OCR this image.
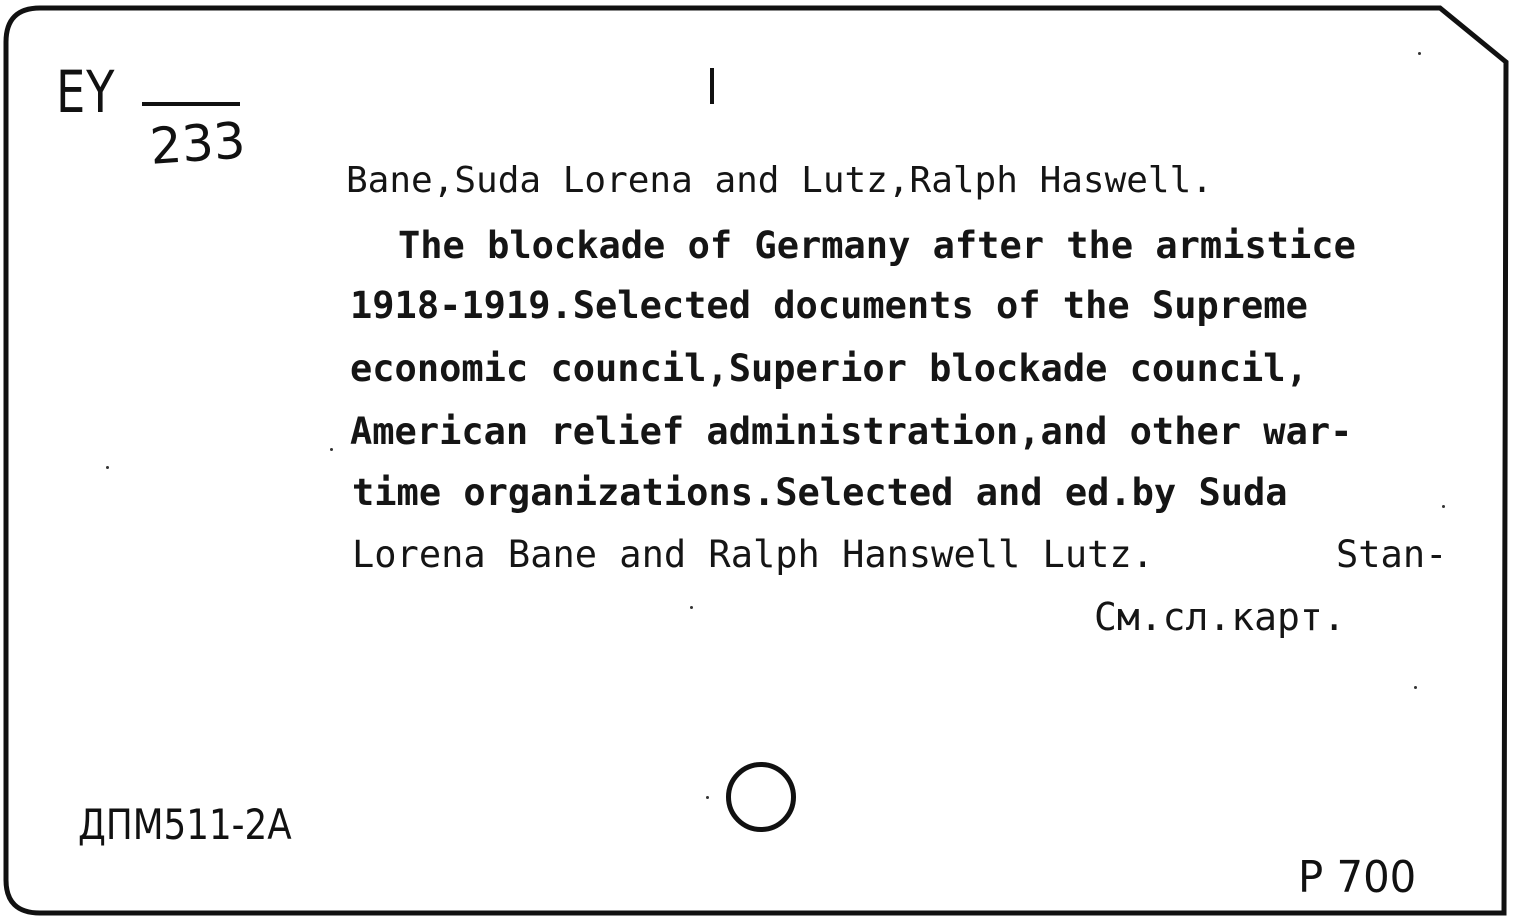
EY
233
Bane,Suda Lorena and Lutz,Ralph Haswell.
The blockade of Germany after the armistice
1918-1919.Selected documents of the Supreme
economic council,Superior blockade council,
American relief administration,and other war-
time organizations.Selected and ed.by Suda
Lorena Bane and Ralph Hanswell Lutz.	Stan-
См.сл.карт.
ДПМ511-2А
Р 700
